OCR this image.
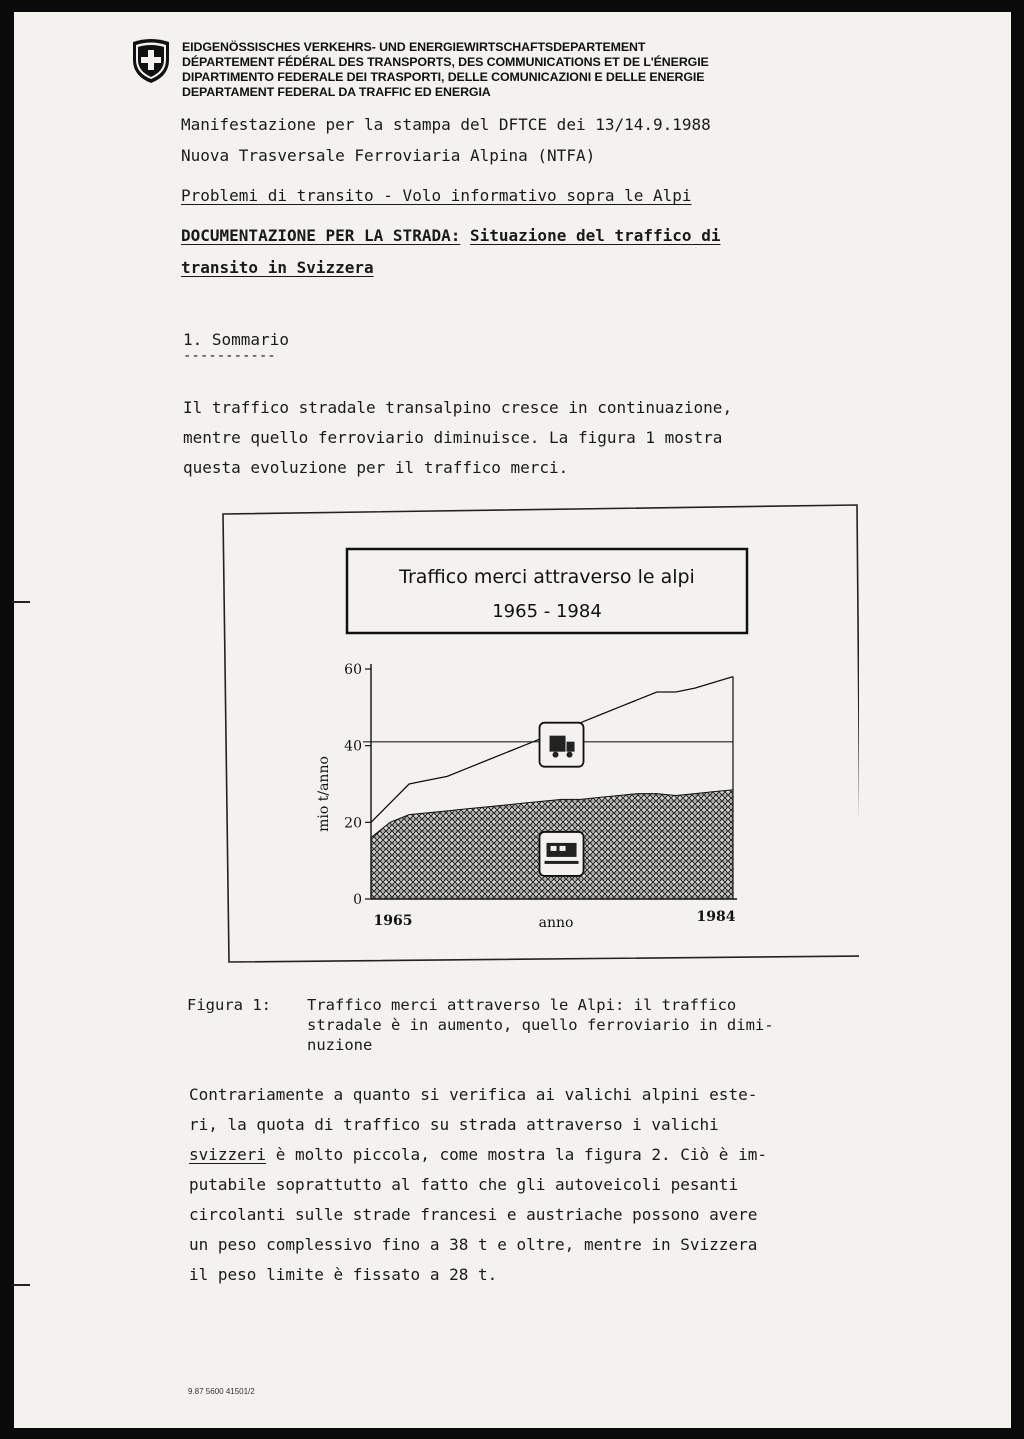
EIDGENÖSSISCHES VERKEHRS- UND ENERGIEWIRTSCHAFTSDEPARTEMENT
DÉPARTEMENT FÉDÉRAL DES TRANSPORTS, DES COMMUNICATIONS ET DE L'ÉNERGIE
DIPARTIMENTO FEDERALE DEI TRASPORTI, DELLE COMUNICAZIONI E DELLE ENERGIE
DEPARTAMENT FEDERAL DA TRAFFIC ED ENERGIA
Manifestazione per la stampa del DFTCE dei 13/14.9.1988
Nuova Trasversale Ferroviaria Alpina (NTFA)
Problemi di transito - Volo informativo sopra le Alpi
DOCUMENTAZIONE PER LA STRADA: Situazione del traffico di
transito in Svizzera
1. Sommario
-----------
Il traffico stradale transalpino cresce in continuazione,
mentre quello ferroviario diminuisce. La figura 1 mostra
questa evoluzione per il traffico merci.
Traffico merci attraverso le alpi
1965 - 1984
0
20
40
60
1965	1984
mio t/anno
anno
Figura 1: Traffico merci attraverso le Alpi: il traffico
stradale è in aumento, quello ferroviario in dimi-
nuzione
Contrariamente a quanto si verifica ai valichi alpini este-
ri, la quota di traffico su strada attraverso i valichi
svizzeri è molto piccola, come mostra la figura 2. Ciò è im-
putabile soprattutto al fatto che gli autoveicoli pesanti
circolanti sulle strade francesi e austriache possono avere
un peso complessivo fino a 38 t e oltre, mentre in Svizzera
il peso limite è fissato a 28 t.
9.87 5600 41501/2
